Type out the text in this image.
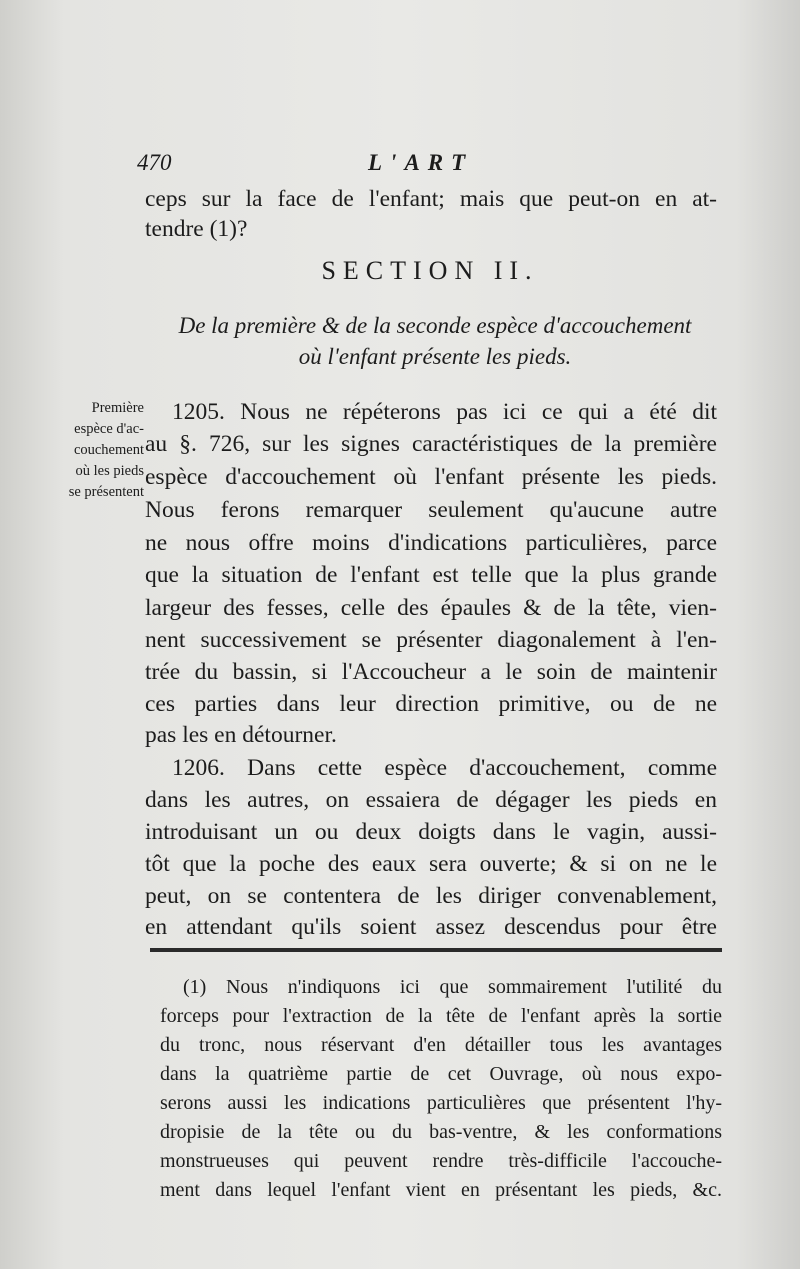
470	L'ART
ceps sur la face de l'enfant; mais que peut-on en at-
tendre (1)?
SECTION II.
De la première & de la seconde espèce d'accouchement
où l'enfant présente les pieds.
Première
espèce d'ac-
couchement
où les pieds
se présentent
1205. Nous ne répéterons pas ici ce qui a été dit
au §. 726, sur les signes caractéristiques de la première
espèce d'accouchement où l'enfant présente les pieds.
Nous ferons remarquer seulement qu'aucune autre
ne nous offre moins d'indications particulières, parce
que la situation de l'enfant est telle que la plus grande
largeur des fesses, celle des épaules & de la tête, vien-
nent successivement se présenter diagonalement à l'en-
trée du bassin, si l'Accoucheur a le soin de maintenir
ces parties dans leur direction primitive, ou de ne
pas les en détourner.
1206. Dans cette espèce d'accouchement, comme
dans les autres, on essaiera de dégager les pieds en
introduisant un ou deux doigts dans le vagin, aussi-
tôt que la poche des eaux sera ouverte; & si on ne le
peut, on se contentera de les diriger convenablement,
en attendant qu'ils soient assez descendus pour être
(1) Nous n'indiquons ici que sommairement l'utilité du
forceps pour l'extraction de la tête de l'enfant après la sortie
du tronc, nous réservant d'en détailler tous les avantages
dans la quatrième partie de cet Ouvrage, où nous expo-
serons aussi les indications particulières que présentent l'hy-
dropisie de la tête ou du bas-ventre, & les conformations
monstrueuses qui peuvent rendre très-difficile l'accouche-
ment dans lequel l'enfant vient en présentant les pieds, &c.
